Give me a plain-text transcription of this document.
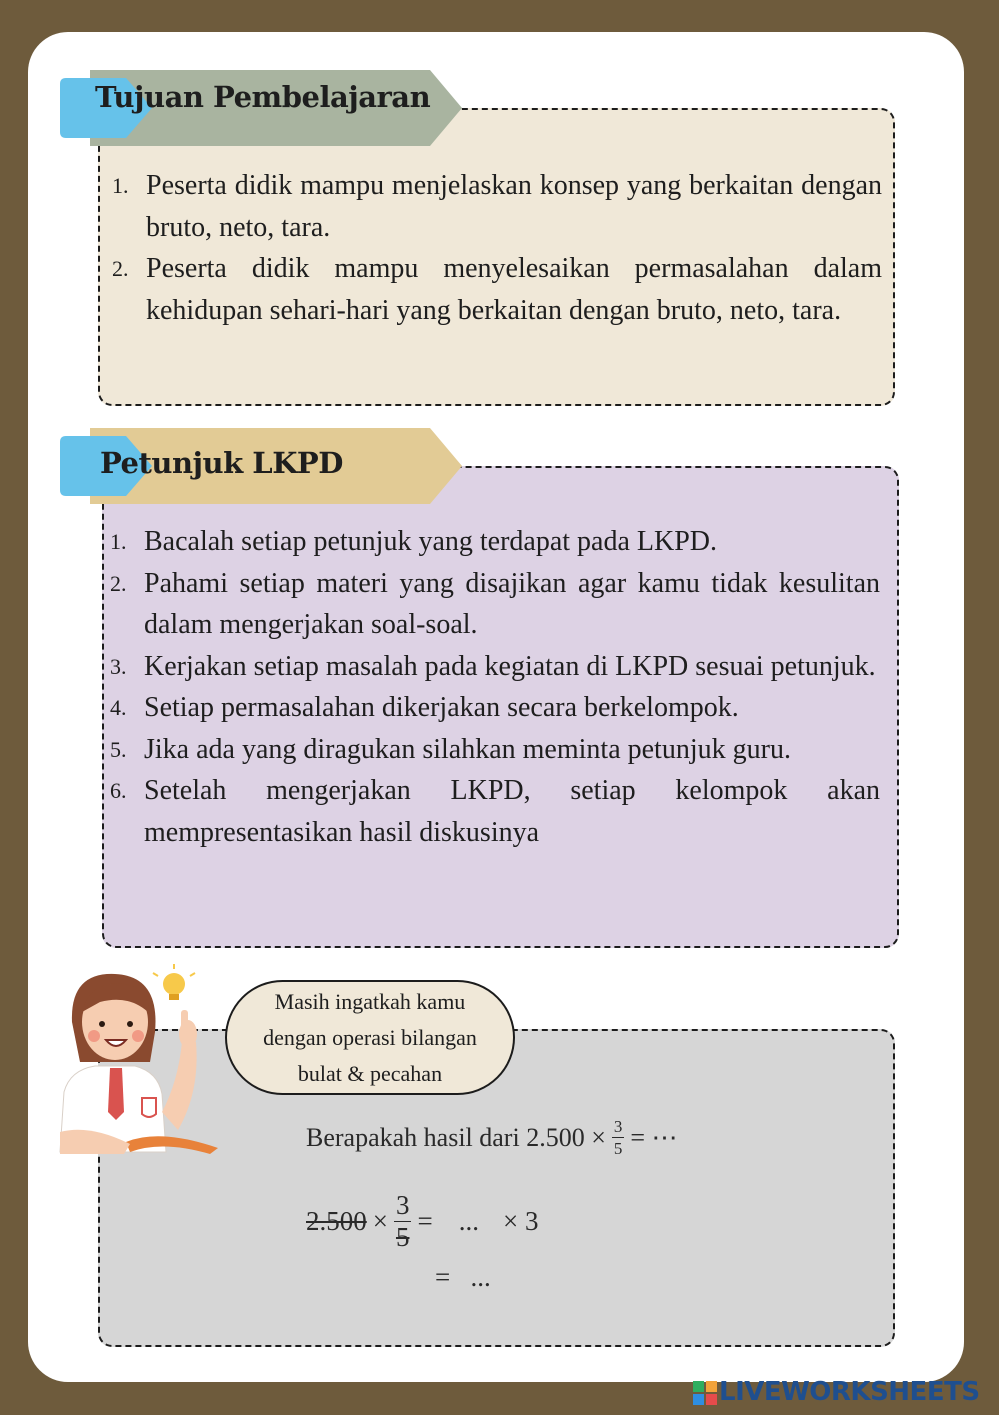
Tujuan Pembelajaran
1. Peserta didik mampu menjelaskan konsep yang berkaitan dengan bruto, neto, tara.
2. Peserta didik mampu menyelesaikan permasalahan dalam kehidupan sehari-hari yang berkaitan dengan bruto, neto, tara.
Petunjuk LKPD
1. Bacalah setiap petunjuk yang terdapat pada LKPD.
2. Pahami setiap materi yang disajikan agar kamu tidak kesulitan dalam mengerjakan soal-soal.
3. Kerjakan setiap masalah pada kegiatan di LKPD sesuai petunjuk.
4. Setiap permasalahan dikerjakan secara berkelompok.
5. Jika ada yang diragukan silahkan meminta petunjuk guru.
6. Setelah mengerjakan LKPD, setiap kelompok akan mempresentasikan hasil diskusinya
Masih ingatkah kamu
dengan operasi bilangan
bulat & pecahan
Berapakah hasil dari $2.500 \times \frac{3}{5}$ = ⋯
$2.500 \times \frac{3}{5}$ = ... × 3
=   ...
LIVEWORKSHEETS
